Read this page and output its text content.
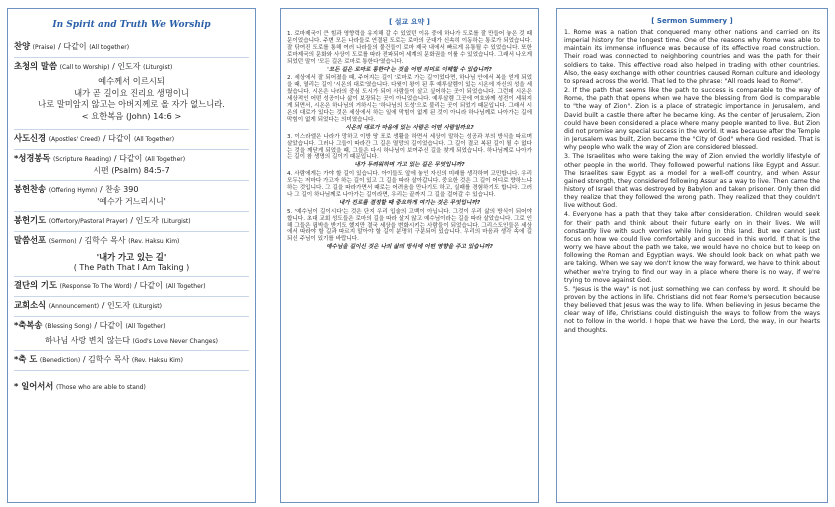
In Spirit and Truth We Worship
찬양 (Praise) / 다같이 (All together)
초청의 말씀 (Call to Worship) / 인도자 (Liturgist)
예수께서 이르시되
내가 곧 길이요 진리요 생명이니
나로 말미암지 않고는 아버지께로 올 자가 없느니라.
< 요한복음 (John) 14:6 >
사도신경 (Apostles' Creed) / 다같이 (All Together)
*성경봉독 (Scripture Reading) / 다같이 (All Together)
시편 (Psalm) 84:5-7
봉헌찬송 (Offering Hymn) / 찬송 390
'예수가 거느리시니'
봉헌기도 (Offertory/Pastoral Prayer) / 인도자 (Liturgist)
말씀선포 (Sermon) / 김학수 목사 (Rev. Haksu Kim)
'내가 가고 있는 길'
( The Path That I Am Taking )
결단의 기도 (Response To The Word) / 다같이 (All Together)
교회소식 (Announcement) / 인도자 (Liturgist)
*축복송 (Blessing Song) / 다같이 (All Together)
하나님 사랑 변치 않는다 (God's Love Never Changes)
*축 도 (Benediction) / 김학수 목사 (Rev. Haksu Kim)
* 일어서서 (Those who are able to stand)
[ 설교 요약 ]

1. 로마제국이 큰 힘과 영향력을 유지해 갈 수 있었던 이유 중에 하나가 도로를 잘 만들어 놓은 것 때문이었습니다. 주변 모든 나라들로 연결된 도로는 로마의 군대가 신속히 이동하는 통로가 되었습니다. 잘 닦여진 도로를 통해 여러 나라들의 물건들이 로마 제국 내에서 빠르게 유통될 수 있었습니다. 또한 로마제국의 문화와 사상이 도로를 따라 전파되어 세계의 문화권을 이룰 수 있었습니다. 그래서 나오게 되었던 말이 '모든 길은 로마로 통한다'였습니다.

'모든 길은 로마로 통한다'는 것을 어떤 의미로 이해할 수 있습니까?

2. 세상에서 잘 되어졌을 때, 주어지는 길이 '로마로 가는 길'이었다면, 하나님 안에서 복을 얻게 되었을 때, 열리는 길이 '시온의 대로'였습니다. 다윗이 왕이 된 후 예루살렘이 있는 시온에 자신의 성을 세웠습니다. 시온은 나라의 중심 도시가 되어 사람들이 살고 싶어하는 곳이 되었습니다. 그런데 시온은 세상적인 어떤 성공이나 삶이 보장되는 곳이 아니었습니다. 예루살렘 그곳에 여호와께 성전이 세워지게 되면서, 시온은 하나님의 거하시는 '하나님의 도성'으로 불리는 곳이 되었기 때문입니다. 그래서 시온의 대로가 있다는 것은 세상에서 하는 일에 막힘이 없게 된 것이 아니라 하나님께로 나아가는 길에 막힘이 없게 되었다는 의미였습니다.

시온의 대로가 마음에 있는 사람은 어떤 사람일까요?

3. 이스라엘은 나라가 망하고 이방 땅 포로 생활을 하면서 세상이 말하는 성공과 부의 방식을 따르며 살았습니다. 그러나 그들이 따라간 그 길은 멸망의 길이었습니다. 그 길이 결코 복된 길이 될 수 없다는 것을 깨닫게 되었을 때, 그들은 다시 하나님이 보여주신 길을 찾게 되었습니다. 하나님께로 나아가는 길이 참 생명의 길이기 때문입니다.

내가 두려워하며 가고 있는 길은 무엇입니까?

4. 사람에게는 가야 할 길이 있습니다. 아이들도 앞에 놓인 자신의 미래를 생각하며 고민합니다. 우리 모두는 저마다 가고자 하는 길이 있고 그 길을 따라 살아갑니다. 중요한 것은 그 길이 어디로 향하느냐 하는 것입니다. 그 길을 따라가면서 때로는 어려움을 만나기도 하고, 실패를 경험하기도 합니다. 그러나 그 길이 하나님께로 나아가는 길이라면, 우리는 끝까지 그 길을 걸어갈 수 있습니다.

내가 진로를 결정할 때 중요하게 여기는 것은 무엇입니까?

5. '예수님이 길이시다'는 것은 단지 우리 입술의 고백이 아닙니다. 그것이 우리 삶의 방식이 되어야 합니다. 초대 교회 성도들은 로마의 길을 따라 살지 않고 예수님이라는 길을 따라 살았습니다. 그로 인해 그들은 핍박을 받기도 했지만 결국 세상을 변화시키는 사람들이 되었습니다. 그리스도인들은 세상에서 따라야 할 길과 따르지 말아야 할 길이 분명히 구분되어 있습니다. 우리의 마음과 생각 속에 길 되신 주님이 있기를 바랍니다.

예수님을 길이신 것은 나의 삶의 방식에 어떤 영향을 주고 있습니까?

[ Sermon Summery ]

1. Rome was a nation that conquered many other nations and carried on its imperial history for the longest time. One of the reasons why Rome was able to maintain its immense influence was because of its effective road construction. Their road was connected to neighboring countries and was the path for their soldiers to take. This effective road also helped in trading with other countries. Also, the easy exchange with other countries caused Roman culture and ideology to spread across the world. That led to the phrase: "All roads lead to Rome".

2. If the path that seems like the path to success is comparable to the way of Rome, the path that opens when we have the blessing from God is comparable to "the way of Zion". Zion is a place of strategic importance in Jerusalem, and David built a castle there after he became king. As the center of Jerusalem, Zion could have been considered a place where many people wanted to live. But Zion did not promise any special success in the world. It was because after the Temple in Jerusalem was built, Zion became the "City of God" where God resided. That is why people who walk the way of Zion are considered blessed.

3. The Israelites who were taking the way of Zion envied the worldly lifestyle of other people in the world. They followed powerful nations like Egypt and Assur. The Israelites saw Egypt as a model for a well-off country, and when Assur gained strength, they considered following Assur as a way to live. Then came the history of Israel that was destroyed by Babylon and taken prisoner. Only then did they realize that they followed the wrong path. They realized that they couldn't live without God.

4. Everyone has a path that they take after consideration. Children would seek for their path and think about their future early on in their lives. We will constantly live with such worries while living in this land. But we cannot just focus on how we could live comfortably and succeed in this world. If that is the worry we have about the path we take, we would have no choice but to keep on following the Roman and Egyptian ways. We should look back on what path we are taking. When we say we don't know the way forward, we have to think about whether we're trying to find our way in a place where there is no way, if we're trying to move against God.

5. "Jesus is the way" is not just something we can confess by word. It should be proven by the actions in life. Christians did not fear Rome's persecution because they believed that Jesus was the way to life. When believing in Jesus became the clear way of life, Christians could distinguish the ways to follow from the ways not to follow in the world. I hope that we have the Lord, the way, in our hearts and thoughts.
